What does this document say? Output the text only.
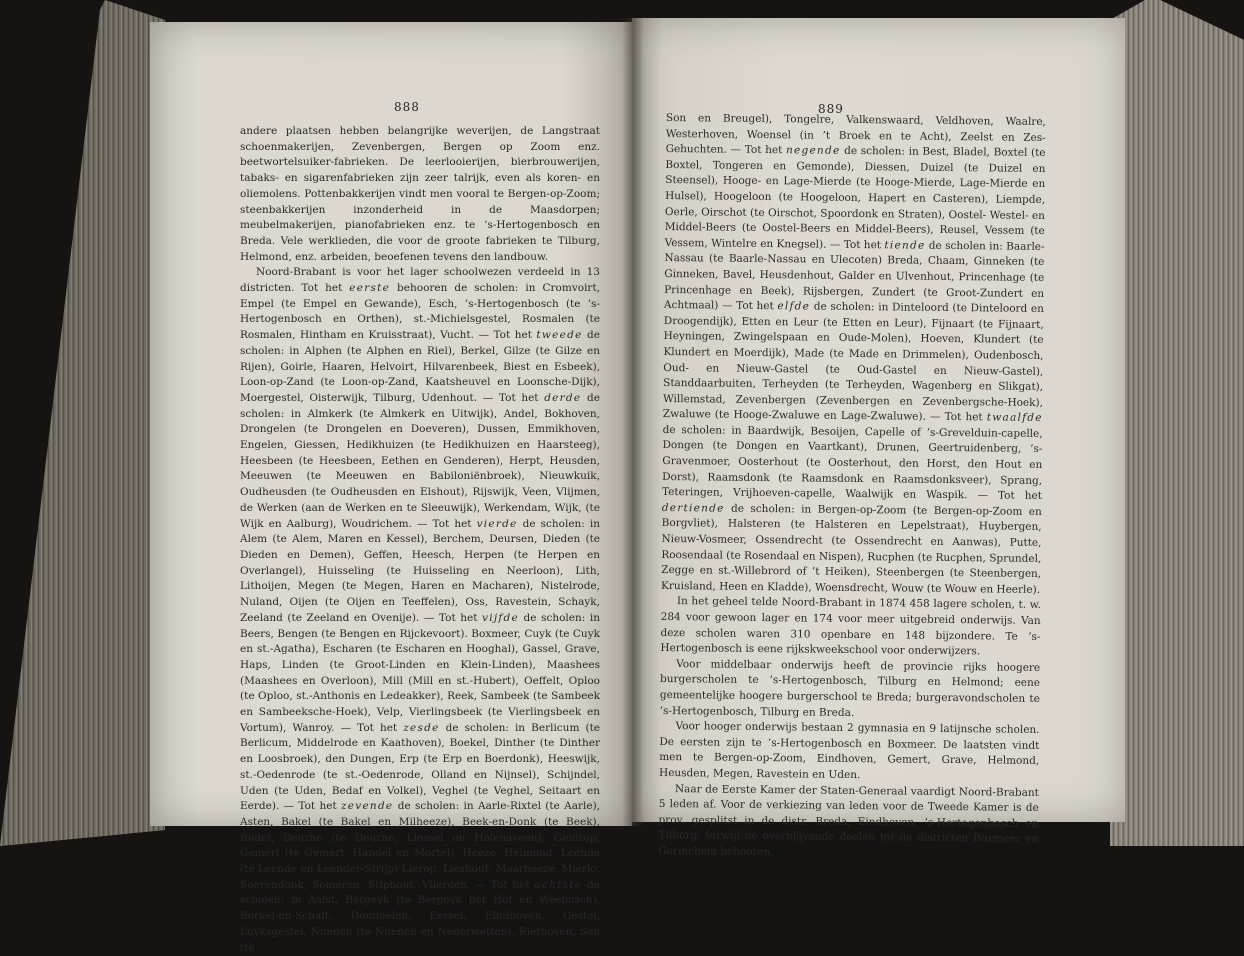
888	889

andere plaatsen hebben belangrijke weverijen, de Langstraat schoenmakerijen, Zevenbergen, Bergen op Zoom enz. beetwortelsuiker-fabrieken. De leerlooierijen, bierbrouwerijen, tabaks- en sigarenfabrieken zijn zeer talrijk, even als koren- en oliemolens. Pottenbakkerijen vindt men vooral te Bergen-op-Zoom; steenbakkerijen inzonderheid in de Maasdorpen; meubelmakerijen, pianofabrieken enz. te ’s-Hertogenbosch en Breda. Vele werklieden, die voor de groote fabrieken te Tilburg, Helmond, enz. arbeiden, beoefenen tevens den landbouw.

Noord-Brabant is voor het lager schoolwezen verdeeld in 13 districten. Tot het eerste behooren de scholen: in Cromvoirt, Empel (te Empel en Gewande), Esch, ’s-Hertogenbosch (te ’s-Hertogenbosch en Orthen), st.-Michielsgestel, Rosmalen (te Rosmalen, Hintham en Kruisstraat), Vucht. — Tot het tweede de scholen: in Alphen (te Alphen en Riel), Berkel, Gilze (te Gilze en Rijen), Goirle, Haaren, Helvoirt, Hilvarenbeek, Biest en Esbeek), Loon-op-Zand (te Loon-op-Zand, Kaatsheuvel en Loonsche-Dijk), Moergestel, Oisterwijk, Tilburg, Udenhout. — Tot het derde de scholen: in Almkerk (te Almkerk en Uitwijk), Andel, Bokhoven, Drongelen (te Drongelen en Doeveren), Dussen, Emmikhoven, Engelen, Giessen, Hedikhuizen (te Hedikhuizen en Haarsteeg), Heesbeen (te Heesbeen, Eethen en Genderen), Herpt, Heusden, Meeuwen (te Meeuwen en Babiloniënbroek), Nieuwkuik, Oudheusden (te Oudheusden en Elshout), Rijswijk, Veen, Vlijmen, de Werken (aan de Werken en te Sleeuwijk), Werkendam, Wijk, (te Wijk en Aalburg), Woudrichem. — Tot het vierde de scholen: in Alem (te Alem, Maren en Kessel), Berchem, Deursen, Dieden (te Dieden en Demen), Geffen, Heesch, Herpen (te Herpen en Overlangel), Huisseling (te Huisseling en Neerloon), Lith, Lithoijen, Megen (te Megen, Haren en Macharen), Nistelrode, Nuland, Oijen (te Oijen en Teeffelen), Oss, Ravestein, Schayk, Zeeland (te Zeeland en Ovenije). — Tot het vijfde de scholen: in Beers, Bengen (te Bengen en Rijckevoort). Boxmeer, Cuyk (te Cuyk en st.-Agatha), Escharen (te Escharen en Hooghal), Gassel, Grave, Haps, Linden (te Groot-Linden en Klein-Linden), Maashees (Maashees en Overloon), Mill (Mill en st.-Hubert), Oeffelt, Oploo (te Oploo, st.-Anthonis en Ledeakker), Reek, Sambeek (te Sambeek en Sambeeksche-Hoek), Velp, Vierlingsbeek (te Vierlingsbeek en Vortum), Wanroy. — Tot het zesde de scholen: in Berlicum (te Berlicum, Middelrode en Kaathoven), Boekel, Dinther (te Dinther en Loosbroek), den Dungen, Erp (te Erp en Boerdonk), Heeswijk, st.-Oedenrode (te st.-Oedenrode, Olland en Nijnsel), Schijndel, Uden (te Uden, Bedaf en Volkel), Veghel (te Veghel, Seitaart en Eerde). — Tot het zevende de scholen: in Aarle-Rixtel (te Aarle), Asten, Bakel (te Bakel en Milheeze), Beek-en-Donk (te Beek), Budel, Deurne (te Deurne, Liessel en Helenaveen), Geldrop, Gemert (te Gemert, Handel en Mortel), Heeze, Helmond, Leende (te Leende en Leender-Strijp) Lierop, Lieshout, Maarheeze, Mierlo, Soerendonk, Someren, Stiphout, Vlierden. — Tot het achtste de scholen: in Aalst, Bergeyk (te Bergeyk het Hof en Weebosch), Borkel-en-Schaft, Dommelen, Eersel, Eindhoven, Gestel, Luyksgestel, Nuenen (te Nuenen en Nederwetten), Riethoven, Son (te

Son en Breugel), Tongelre, Valkenswaard, Veldhoven, Waalre, Westerhoven, Woensel (in ’t Broek en te Acht), Zeelst en Zes-Gehuchten. — Tot het negende de scholen: in Best, Bladel, Boxtel (te Boxtel, Tongeren en Gemonde), Diessen, Duizel (te Duizel en Steensel), Hooge- en Lage-Mierde (te Hooge-Mierde, Lage-Mierde en Hulsel), Hoogeloon (te Hoogeloon, Hapert en Casteren), Liempde, Oerle, Oirschot (te Oirschot, Spoordonk en Straten), Oostel- Westel- en Middel-Beers (te Oostel-Beers en Middel-Beers), Reusel, Vessem (te Vessem, Wintelre en Knegsel). — Tot het tiende de scholen in: Baarle-Nassau (te Baarle-Nassau en Ulecoten) Breda, Chaam, Ginneken (te Ginneken, Bavel, Heusdenhout, Galder en Ulvenhout, Princenhage (te Princenhage en Beek), Rijsbergen, Zundert (te Groot-Zundert en Achtmaal) — Tot het elfde de scholen: in Dinteloord (te Dinteloord en Droogendijk), Etten en Leur (te Etten en Leur), Fijnaart (te Fijnaart, Heyningen, Zwingelspaan en Oude-Molen), Hoeven, Klundert (te Klundert en Moerdijk), Made (te Made en Drimmelen), Oudenbosch, Oud- en Nieuw-Gastel (te Oud-Gastel en Nieuw-Gastel), Standdaarbuiten, Terheyden (te Terheyden, Wagenberg en Slikgat), Willemstad, Zevenbergen (Zevenbergen en Zevenbergsche-Hoek), Zwaluwe (te Hooge-Zwaluwe en Lage-Zwaluwe). — Tot het twaalfde de scholen: in Baardwijk, Besoijen, Capelle of ’s-Grevelduin-capelle, Dongen (te Dongen en Vaartkant), Drunen, Geertruidenberg, ’s-Gravenmoer, Oosterhout (te Oosterhout, den Horst, den Hout en Dorst), Raamsdonk (te Raamsdonk en Raamsdonksveer), Sprang, Teteringen, Vrijhoeven-capelle, Waalwijk en Waspik. — Tot het dertiende de scholen: in Bergen-op-Zoom (te Bergen-op-Zoom en Borgvliet), Halsteren (te Halsteren en Lepelstraat), Huybergen, Nieuw-Vosmeer, Ossendrecht (te Ossendrecht en Aanwas), Putte, Roosendaal (te Rosendaal en Nispen), Rucphen (te Rucphen, Sprundel, Zegge en st.-Willebrord of ’t Heiken), Steenbergen (te Steenbergen, Kruisland, Heen en Kladde), Woensdrecht, Wouw (te Wouw en Heerle).

In het geheel telde Noord-Brabant in 1874 458 lagere scholen, t. w. 284 voor gewoon lager en 174 voor meer uitgebreid onderwijs. Van deze scholen waren 310 openbare en 148 bijzondere. Te ’s-Hertogenbosch is eene rijkskweekschool voor onderwijzers.

Voor middelbaar onderwijs heeft de provincie rijks hoogere burgerscholen te ’s-Hertogenbosch, Tilburg en Helmond; eene gemeentelijke hoogere burgerschool te Breda; burgeravondscholen te ’s-Hertogenbosch, Tilburg en Breda.

Voor hooger onderwijs bestaan 2 gymnasia en 9 latijnsche scholen. De eersten zijn te ’s-Hertogenbosch en Boxmeer. De laatsten vindt men te Bergen-op-Zoom, Eindhoven, Gemert, Grave, Helmond, Heusden, Megen, Ravestein en Uden.

Naar de Eerste Kamer der Staten-Generaal vaardigt Noord-Brabant 5 leden af. Voor de verkiezing van leden voor de Tweede Kamer is de prov. gesplitst in de distr. Breda, Eindhoven, ’s-Hertogenbosch en Tilburg, terwijl de overblijvende deelen tot de districten Boxmeer en Gorinchem behooren.
